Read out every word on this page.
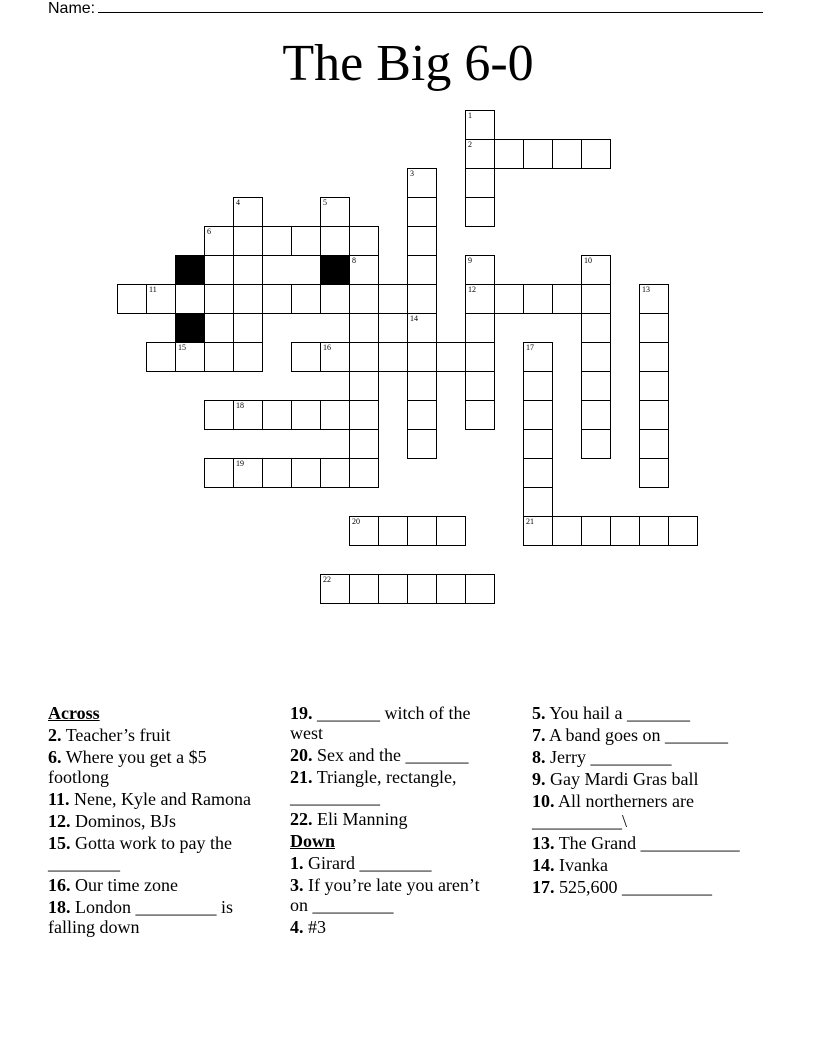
Name:
The Big 6-0
2
6
11	12
15	16
18
19
20	21
22
1
3
14
4	5
7	8	9	10
13
17
Across
2. Teacher’s fruit
6. Where you get a $5 footlong
11. Nene, Kyle and Ramona
12. Dominos, BJs
15. Gotta work to pay the ________
16. Our time zone
18. London _________ is falling down
19. _______ witch of the west
20. Sex and the _______
21. Triangle, rectangle, __________
22. Eli Manning
Down
1. Girard ________
3. If you’re late you aren’t on _________
4. #3
5. You hail a _______
7. A band goes on _______
8. Jerry _________
9. Gay Mardi Gras ball
10. All northerners are __________\
13. The Grand ___________
14. Ivanka
17. 525,600 __________
